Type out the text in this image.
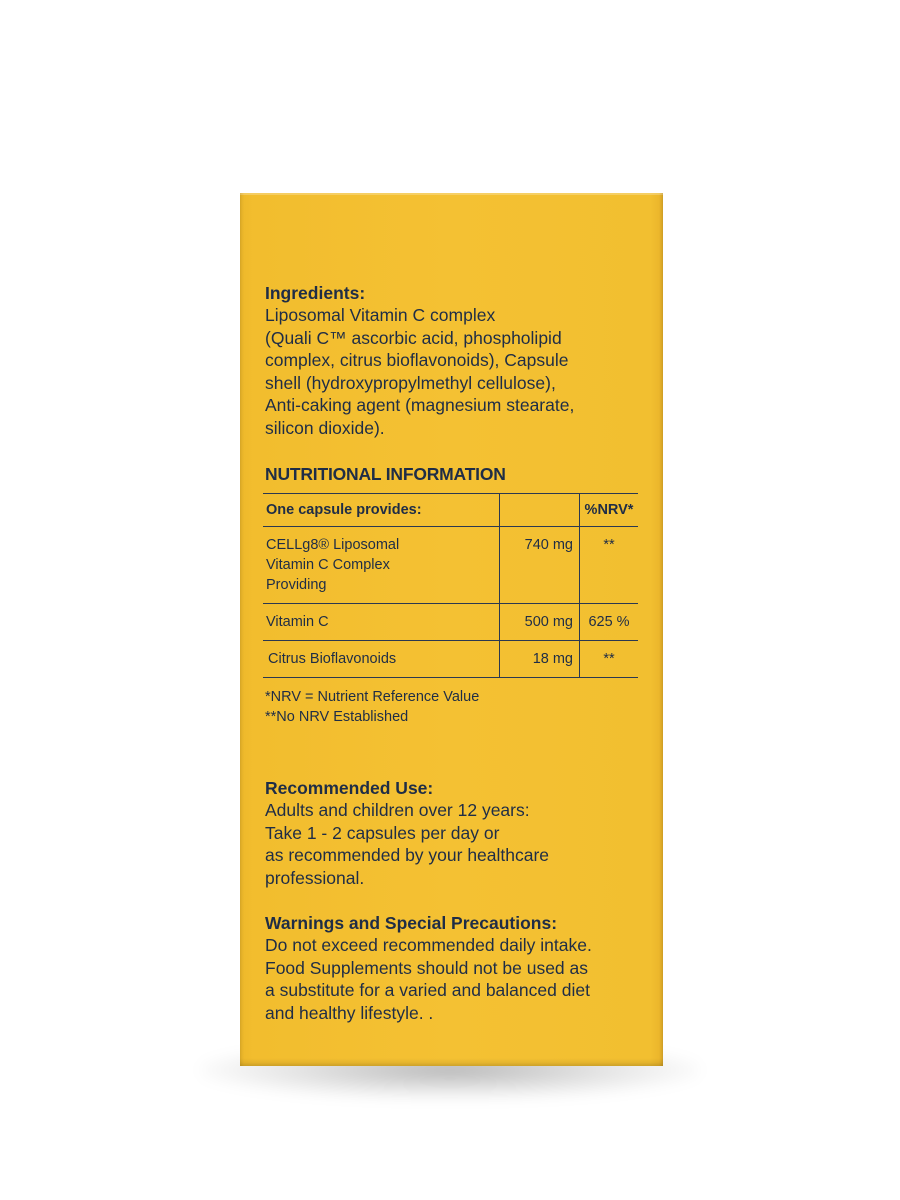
Ingredients:

Liposomal Vitamin C complex
(Quali C™ ascorbic acid, phospholipid
complex, citrus bioflavonoids), Capsule
shell (hydroxypropylmethyl cellulose),
Anti-caking agent (magnesium stearate,
silicon dioxide).

NUTRITIONAL INFORMATION
One capsule provides:		%NRV*
CELLg8® Liposomal Vitamin C Complex Providing	740 mg	**
Vitamin C	500 mg	625 %
Citrus Bioflavonoids	18 mg	**
*NRV = Nutrient Reference Value
**No NRV Established
Recommended Use:
Adults and children over 12 years:
Take 1 - 2 capsules per day or
as recommended by your healthcare
professional.
Warnings and Special Precautions:
Do not exceed recommended daily intake.
Food Supplements should not be used as
a substitute for a varied and balanced diet
and healthy lifestyle. .
